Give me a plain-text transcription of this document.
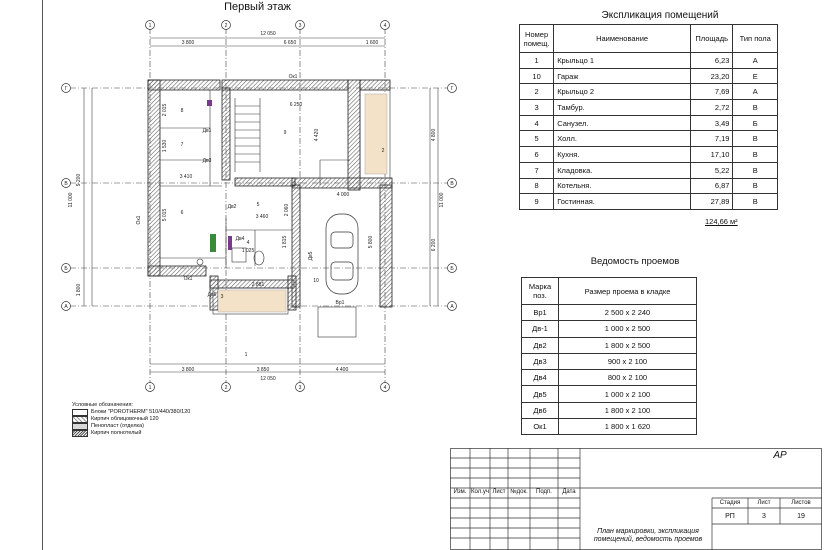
Первый этаж
1	2	3	4
1	2	3	4
Г
В
Б
А
Г
В
Б
А
12 050
3 800	6 650	1 600
3 800	3 850	4 400
12 050
9 200
1 800
11 000
4 800
6 200
11 000
8
7
6
9
3
5
4
1
10
2
2 015
1 530
3 410
5 015
6 250
4 420
3 460
2 060
4 000
5 800
1 025
2 881
1 815
Ок1
Ок1
Дв1
Дв3
Дв2
Дв4
Дв5
Вр1
Ок1
Дв6
Условные обозначения:
Блоки "POROTHERM" 510/440/380/120
Кирпич облицовочный 120
Пенопласт (отделка)
Кирпич полнотелый
Экспликация помещений
Номер помещ.	Наименование	Площадь	Тип пола
1	Крыльцо 1	6,23	А
10	Гараж	23,20	Е
2	Крыльцо 2	7,69	А
3	Тамбур.	2,72	В
4	Санузел.	3,49	Б
5	Холл.	7,19	В
6	Кухня.	17,10	В
7	Кладовка.	5,22	В
8	Котельня.	6,87	В
9	Гостинная.	27,89	В
124,66 м²
Ведомость проемов
Марка поз.	Размер проема в кладке
Вр1	2 500 x 2 240
Дв-1	1 000 x 2 500
Дв2	1 800 x 2 500
Дв3	900 x 2 100
Дв4	800 x 2 100
Дв5	1 000 x 2 100
Дв6	1 800 x 2 100
Ок1	1 800 x 1 620
АР
Изм. Кол.уч Лист №док.	Подп.	Дата
Стадия	Лист	Листов
РП	3	19
План маркировки, экспликация помещений, ведомость проемов
